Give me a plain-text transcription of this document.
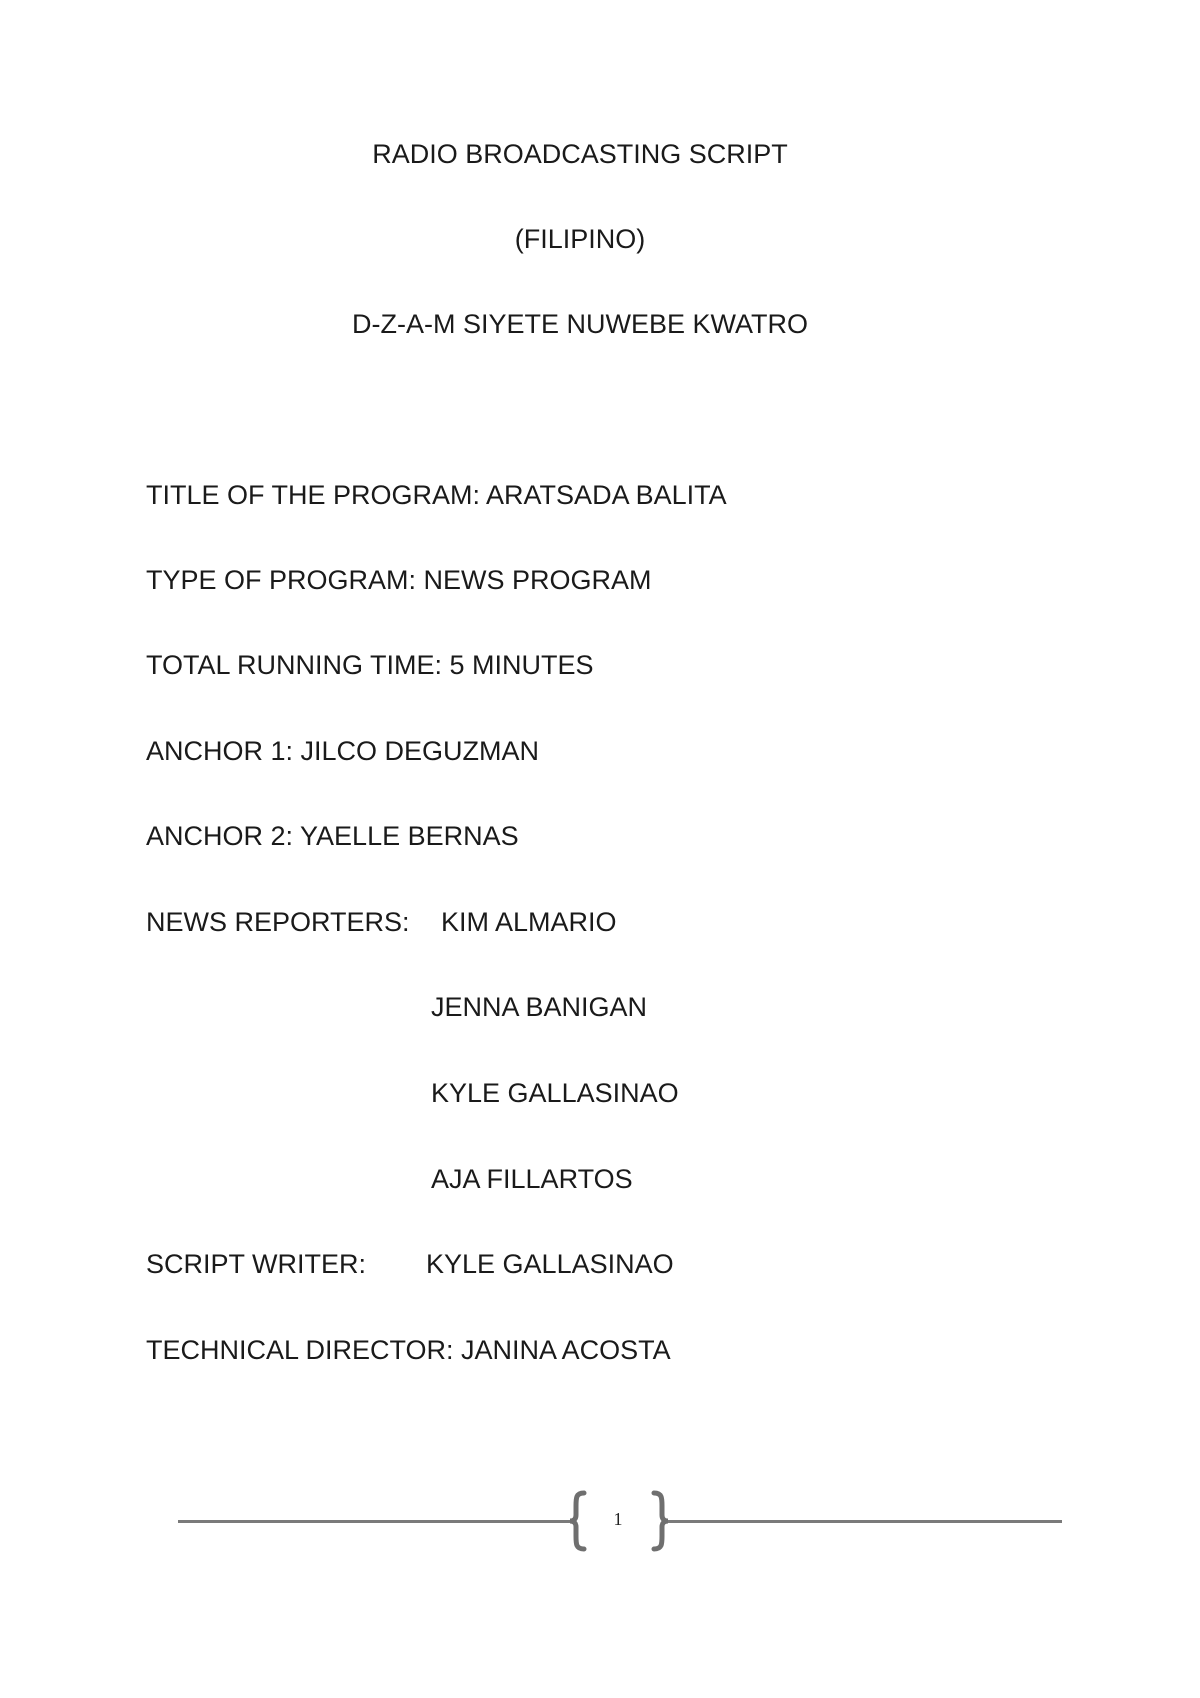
RADIO BROADCASTING SCRIPT
(FILIPINO)
D-Z-A-M SIYETE NUWEBE KWATRO
TITLE OF THE PROGRAM: ARATSADA BALITA
TYPE OF PROGRAM: NEWS PROGRAM
TOTAL RUNNING TIME: 5 MINUTES
ANCHOR 1: JILCO DEGUZMAN
ANCHOR 2: YAELLE BERNAS
NEWS REPORTERS: KIM ALMARIO
JENNA BANIGAN
KYLE GALLASINAO
AJA FILLARTOS
SCRIPT WRITER: KYLE GALLASINAO
TECHNICAL DIRECTOR: JANINA ACOSTA
1
